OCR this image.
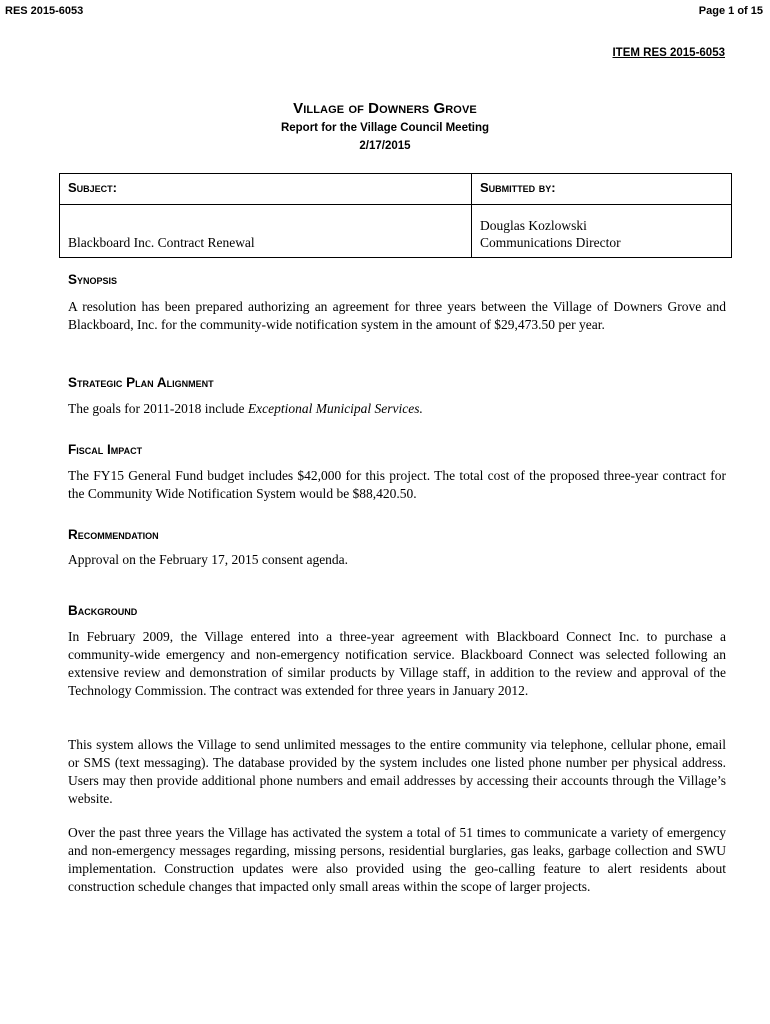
RES 2015-6053	Page 1 of 15
ITEM RES 2015-6053
Village of Downers Grove
Report for the Village Council Meeting
2/17/2015
Subject:	Submitted by:
Blackboard Inc. Contract Renewal	Douglas Kozlowski
Communications Director
Synopsis

A resolution has been prepared authorizing an agreement for three years between the Village of Downers Grove and Blackboard, Inc. for the community-wide notification system in the amount of $29,473.50 per year.

Strategic Plan Alignment

The goals for 2011-2018 include Exceptional Municipal Services.

Fiscal Impact

The FY15 General Fund budget includes $42,000 for this project. The total cost of the proposed three-year contract for the Community Wide Notification System would be $88,420.50.

Recommendation

Approval on the February 17, 2015 consent agenda.

Background

In February 2009, the Village entered into a three-year agreement with Blackboard Connect Inc. to purchase a community-wide emergency and non-emergency notification service. Blackboard Connect was selected following an extensive review and demonstration of similar products by Village staff, in addition to the review and approval of the Technology Commission. The contract was extended for three years in January 2012.

This system allows the Village to send unlimited messages to the entire community via telephone, cellular phone, email or SMS (text messaging). The database provided by the system includes one listed phone number per physical address. Users may then provide additional phone numbers and email addresses by accessing their accounts through the Village’s website.

Over the past three years the Village has activated the system a total of 51 times to communicate a variety of emergency and non-emergency messages regarding, missing persons, residential burglaries, gas leaks, garbage collection and SWU implementation. Construction updates were also provided using the geo-calling feature to alert residents about construction schedule changes that impacted only small areas within the scope of larger projects.
